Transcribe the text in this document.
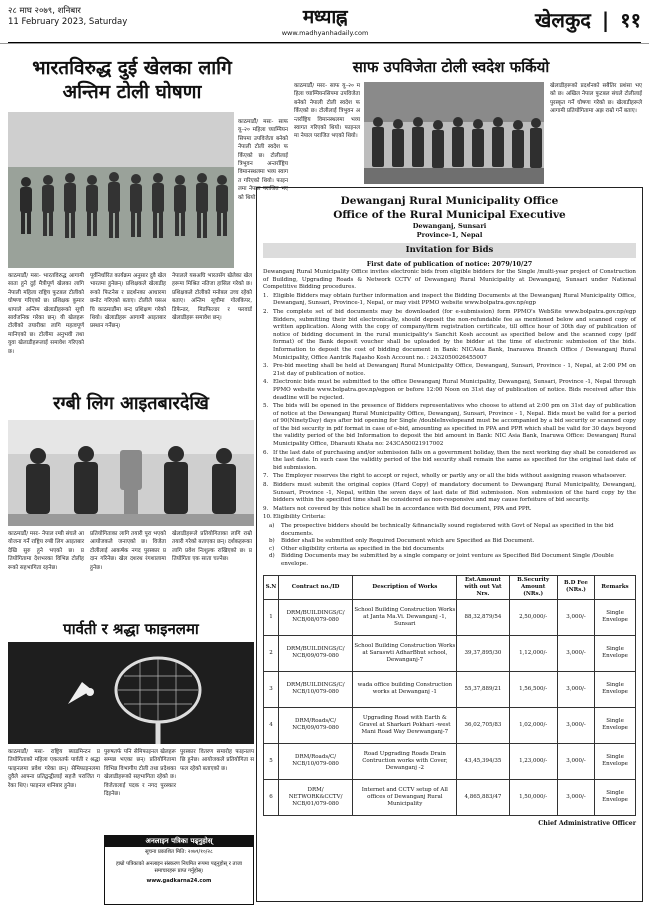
२८ माघ २०७९, शनिबार
11 February 2023, Saturday	मध्याह्न
www.madhyanhadaily.com
खेलकुद | ११
भारतविरुद्ध दुई खेलका लागि
अन्तिम टोली घोषणा
काठमाडौं/ मसः- भारतविरुद्ध आगामी साता हुने दुई मैत्रीपूर्ण खेलका लागि नेपाली महिला राष्ट्रिय फुटबल टोलीको घोषणा गरिएको छ। प्रशिक्षक कुमार थापाले अन्तिम खेलाडीहरूको सूची सार्वजनिक गरेका छन्। यी खेलहरू टोलीको तयारीका लागि महत्वपूर्ण मानिएको छ। टोलीमा अनुभवी तथा युवा खेलाडीहरूलाई समावेश गरिएको छ।
पूर्वनिर्धारित कार्यक्रम अनुसार दुवै खेल भारतमा हुनेछन्। प्रशिक्षकले खेलाडीहरूको फिटनेस र प्रदर्शनका आधारमा छनोट गरिएको बताए। टोलीले यसअघि काठमाडौंमा बन्द प्रशिक्षण गरेको थियो। खेलाडीहरू आगामी आइतबार प्रस्थान गर्नेछन्।
नेपालले यसअघि भारतसँग खेलेका खेलहरूमा मिश्रित नतिजा हासिल गरेको छ। प्रशिक्षकले टोलीको मनोबल उच्च रहेको बताए। अन्तिम सूचीमा गोलकिपर, डिफेन्डर, मिडफिल्डर र फरवार्ड खेलाडीहरू समावेश छन्।
साफ उपविजेता टोली स्वदेश फर्कियो
काठमाडौं/ मसः- साफ यू–२० महिला च्याम्पियनसिपमा उपविजेता बनेको नेपाली टोली स्वदेश फर्किएको छ। टोलीलाई त्रिभुवन अन्तर्राष्ट्रिय विमानस्थलमा भव्य स्वागत गरिएको थियो। फाइनलमा नेपाल पराजित भएको थियो।
काठमाडौं/ मसः- साफ यू–२० महिला च्याम्पियनसिपमा उपविजेता बनेको नेपाली टोली स्वदेश फर्किएको छ। टोलीलाई त्रिभुवन अन्तर्राष्ट्रिय विमानस्थलमा भव्य स्वागत गरिएको थियो। फाइनलमा नेपाल पराजित भएको थियो।
खेलाडीहरूको प्रदर्शनको सबैतिर प्रशंसा भएको छ। अखिल नेपाल फुटबल संघले टोलीलाई पुरस्कृत गर्ने घोषणा गरेको छ। खेलाडीहरूले आगामी प्रतियोगितामा अझ राम्रो गर्ने बताए।
रग्बी लिग आइतबारदेखि
काठमाडौं/ मसः- नेपाल रग्बी संघले आयोजना गर्ने राष्ट्रिय रग्बी लिग आइतबारदेखि सुरु हुने भएको छ। प्रतियोगितामा देशभरका विभिन्न टोलीहरूको सहभागिता रहनेछ।
प्रतियोगिताका लागि तयारी पूरा भएको आयोजकले जनाएको छ। विजेता टोलीलाई आकर्षक नगद पुरस्कार प्रदान गरिनेछ। खेल दशरथ रंगशालामा हुनेछ।
खेलाडीहरूले प्रतियोगिताका लागि राम्रो तयारी गरेको बताएका छन्। दर्शकहरूका लागि प्रवेश निःशुल्क राखिएको छ। प्रतियोगिता एक साता चल्नेछ।
पार्वती र श्रद्धा फाइनलमा
काठमाडौं/ मसः- राष्ट्रिय ब्याडमिन्टन प्रतियोगिताको महिला एकलतर्फ पार्वती र श्रद्धा फाइनलमा प्रवेश गरेका छन्। सेमिफाइनलमा दुवैले आफ्ना प्रतिद्वन्द्वीलाई सहजै पराजित गरेका थिए। फाइनल शनिबार हुनेछ।
पुरुषतर्फ पनि सेमिफाइनल खेलहरू सम्पन्न भएका छन्। प्रतियोगितामा विभिन्न विभागीय टोली तथा प्रदेशका खेलाडीहरूको सहभागिता रहेको छ। विजेतालाई पदक र नगद पुरस्कार दिइनेछ।
पुरस्कार वितरण समारोह फाइनलपछि हुनेछ। आयोजकले प्रतियोगिता सफल रहेको बताएको छ।
अनलाइन पत्रिका पढ्नुहोस्
सूचना प्रकाशित मिति: २०७९/१०/२८
हाम्रो पत्रिकाको अनलाइन संस्करण नियमित रूपमा पढ्नुहोस् र ताजा समाचारहरू प्राप्त गर्नुहोस्।
www.gadkarna24.com
Dewanganj Rural Municipality Office
Office of the Rural Municipal Executive
Dewanganj, Sunsari
Province-1, Nepal
Invitation for Bids
First date of publication of notice: 2079/10/27
Dewanganj Rural Municipality Office invites electronic bids from eligible bidders for the Single /multi-year project of Construction of Building, Upgrading Roads & Network CCTV of Dewanganj Rural Municipality at Dewanganj, Sunsari under National Competitive Bidding procedures.
1. Eligible Bidders may obtain further information and inspect the Bidding Documents at the Dewanganj Rural Municipality Office, Dewanganj, Sunsari, Province-1, Nepal, or may visit PPMO website www.bolpatra.gov.np/egp
2. The complete set of bid documents may be downloaded (for e-submission) form PPMO's WebSite www.bolpatra.gov.np/egp Bidders, submitting their bid electronically, should deposit the non-refundable fee as mentioned below and scanned copy of written application. Along with the copy of company/firm registration certificate, till office hour of 30th day of publication of notice of bidding document in the rural municipality's Sanchit Kosh account as specified below and the scanned copy (pdf format) of the Bank deposit voucher shall be uploaded by the bidder at the time of electronic submission of the bids. Information to deposit the cost of bidding document in Bank: NICAsia Bank, Inarauwa Branch Office / Dewanganj Rural Municipality, Office Aantrik Rajasho Kosh Account no. : 2432050026455007
3. Pre-bid meeting shall be held at Dewanganj Rural Municipality Office, Dewanganj, Sunsari, Province - 1, Nepal, at 2:00 PM on 21st day of publication of notice.
4. Electronic bids must be submitted to the office Dewanganj Rural Municipality, Dewanganj, Sunsari, Province -1, Nepal through PPMO website www.bolpatra.gov.np/egpon or before 12:00 Noon on 31st day of publication of notice. Bids received after this deadline will be rejected.
5. The bids will be opened in the presence of Bidders representatives who choose to attend at 2:00 pm on 31st day of publication of notice at the Dewanganj Rural Municipality Office, Dewanganj, Sunsari, Province - 1, Nepal. Bids must be valid for a period of 90(NinetyDay) days after bid opening for Single /doubleInvelopeand must be accompanied by a bid security or scanned copy of the bid security in pdf format in case of e-bid, amounting as specified in PPA and PPR which shall be valid for 30 days beyond the validity period of the bid Information to deposit the bid amount in Bank: NIC Asia Bank, Inaruwa Office: Dewanganj Rural Municipality Office, Dharauti Khata no: 243CA50021917002
6. If the last date of purchasing and/or submission falls on a government holiday, then the next working day shall be considered as the last date. In such case the validity period of the bid security shall remain the same as specified for the original last date of bid submission.
7. The Employer reserves the right to accept or reject, wholly or partly any or all the bids without assigning reason whatsoever.
8. Bidders must submit the original copies (Hard Copy) of mandatory document to Dewanganj Rural Municipality, Dewanganj, Sunsari, Province -1, Nepal, within the seven days of last date of Bid submission. Non submission of the hard copy by the bidders within the specified time shall be considered as non-responsive and may cause forfeiture of bid security.
9. Matters not covered by this notice shall be in accordance with Bid document, PPA and PPR.
10. Eligibility Criteria:
a) The prospective bidders should be technically &financially sound registered with Govt of Nepal as specified in the bid documents.
b) Bidder shall be submitted only Required Document which are Specified as Bid Document.
c) Other eligibility criteria as specified in the bid documents
d) Bidding Documents may be submitted by a single company or joint venture as Specified Bid Document Single /Double envelope.
S.N	Contract no./ID	Description of Works	Est.Amount with out Vat Nrs.	B.Security Amount (NRs.)	B.D Fee (NRs.)	Remarks
1	DRM/BUILDINGS/C/ NCB/08/079-080	School Building Construction Works at Janta Ma.Vi. Dewanganj -1, Sunsari	88,32,879/54	2,50,000/-	3,000/-	Single Envelope
2	DRM/BUILDINGS/C/ NCB/09/079-080	School Building Construction Works at Saraswti AdharBhut school, Dewanganj-7	39,37,895/30	1,12,000/-	3,000/-	Single Envelope
3	DRM/BUILDINGS/C/ NCB/10/079-080	wada office building Construction works at Dewanganj -1	55,37,889/21	1,56,500/-	3,000/-	Single Envelope
4	DRM/Roads/C/ NCB/09/079-080	Upgrading Road with Earth & Gravel at Sharkari Pokhari -west Mani Road Way Dewwanganj-7	36,02,705/83	1,02,000/-	3,000/-	Single Envelope
5	DRM/Roads/C/ NCB/10/079-080	Road Upgrading Roads Drain Contruction works with Cover, Dewanganj -2	43,45,394/35	1,23,000/-	3,000/-	Single Envelope
6	DRM/ NETWORK&CCTV/ NCB/01/079-080	Internet and CCTV setup of All offices of Dewanganj Rural Municipality	4,865,883/47	1,50,000/-	3,000/-	Single Envelope
Chief Administrative Officer
